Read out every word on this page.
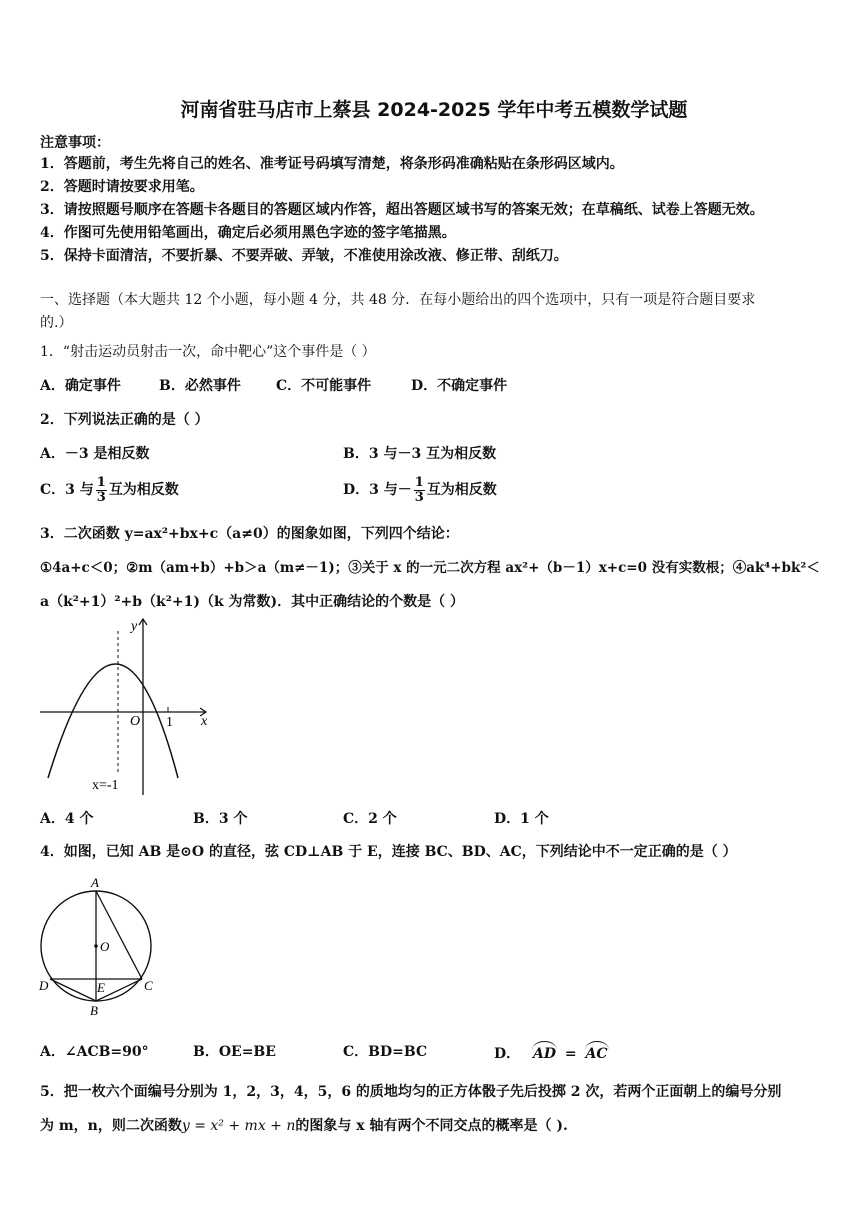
河南省驻马店市上蔡县 2024-2025 学年中考五模数学试题
注意事项：
1．答题前，考生先将自己的姓名、准考证号码填写清楚，将条形码准确粘贴在条形码区域内。
2．答题时请按要求用笔。
3．请按照题号顺序在答题卡各题目的答题区域内作答，超出答题区域书写的答案无效；在草稿纸、试卷上答题无效。
4．作图可先使用铅笔画出，确定后必须用黑色字迹的签字笔描黑。
5．保持卡面清洁，不要折暴、不要弄破、弄皱，不准使用涂改液、修正带、刮纸刀。
一、选择题（本大题共 12 个小题，每小题 4 分，共 48 分．在每小题给出的四个选项中，只有一项是符合题目要求
的.）
1．“射击运动员射击一次，命中靶心”这个事件是（ ）
A．确定事件	B．必然事件	C．不可能事件	D．不确定事件
2．下列说法正确的是（ ）
A．－3 是相反数	B．3 与－3 互为相反数
C．3 与 $\frac{1}{3}$ 互为相反数	D．3 与－ $\frac{1}{3}$ 互为相反数
3．二次函数 y=ax²+bx+c（a≠0）的图象如图，下列四个结论：
①4a+c＜0；②m（am+b）+b＞a（m≠－1)；③关于 x 的一元二次方程 ax²+（b－1）x+c=0 没有实数根；④ak⁴+bk²＜
a（k²+1）²+b（k²+1)（k 为常数)．其中正确结论的个数是（ ）
y
x
O 1
x=-1
A．4 个	B．3 个	C．2 个	D．1 个
4．如图，已知 AB 是⊙O 的直径，弦 CD⊥AB 于 E，连接 BC、BD、AC，下列结论中不一定正确的是（ ）
A
O
D	E	C
B
A．∠ACB=90°	B．OE=BE	C．BD=BC	D． AD = AC
5．把一枚六个面编号分别为 1，2，3，4，5，6 的质地均匀的正方体骰子先后投掷 2 次，若两个正面朝上的编号分别
为 m，n，则二次函数y = x² + mx + n的图象与 x 轴有两个不同交点的概率是（ ).
